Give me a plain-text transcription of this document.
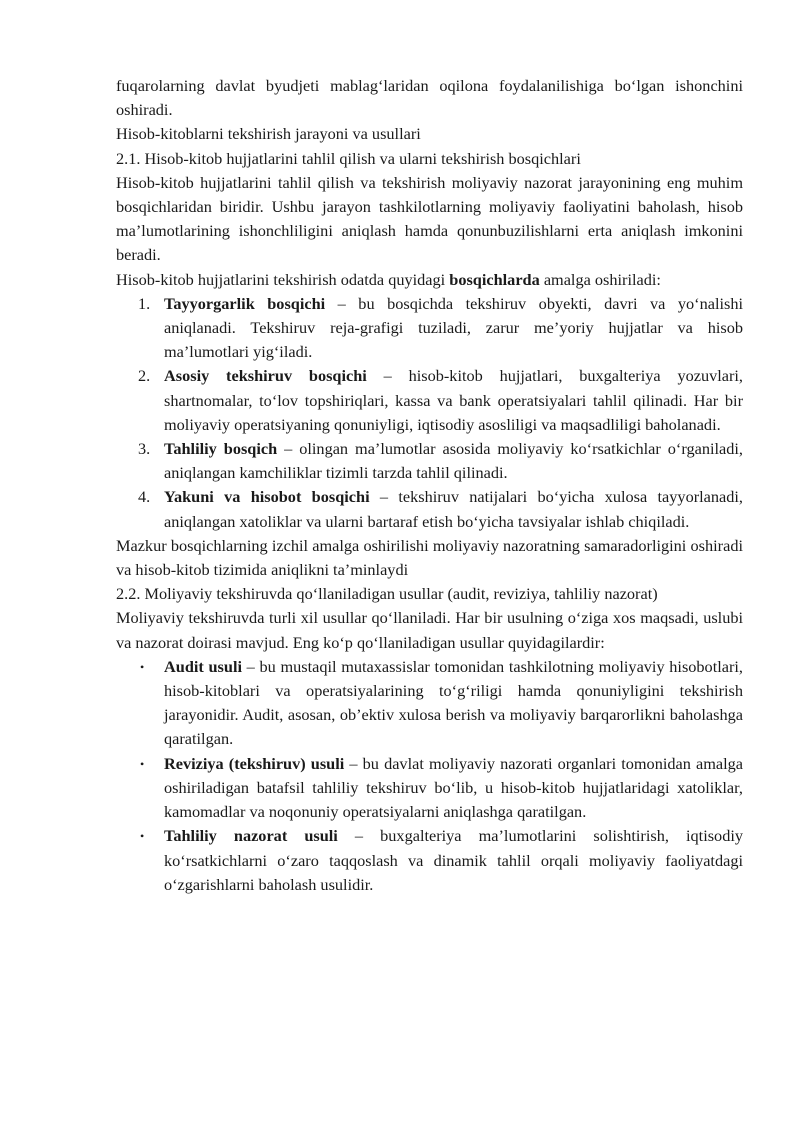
fuqarolarning davlat byudjeti mablag‘laridan oqilona foydalanilishiga bo‘lgan ishonchini oshiradi.

Hisob-kitoblarni tekshirish jarayoni va usullari

2.1. Hisob-kitob hujjatlarini tahlil qilish va ularni tekshirish bosqichlari

Hisob-kitob hujjatlarini tahlil qilish va tekshirish moliyaviy nazorat jarayonining eng muhim bosqichlaridan biridir. Ushbu jarayon tashkilotlarning moliyaviy faoliyatini baholash, hisob ma’lumotlarining ishonchliligini aniqlash hamda qonunbuzilishlarni erta aniqlash imkonini beradi.

Hisob-kitob hujjatlarini tekshirish odatda quyidagi bosqichlarda amalga oshiriladi:

1. Tayyorgarlik bosqichi – bu bosqichda tekshiruv obyekti, davri va yo‘nalishi aniqlanadi. Tekshiruv reja-grafigi tuziladi, zarur me’yoriy hujjatlar va hisob ma’lumotlari yig‘iladi.
2. Asosiy tekshiruv bosqichi – hisob-kitob hujjatlari, buxgalteriya yozuvlari, shartnomalar, to‘lov topshiriqlari, kassa va bank operatsiyalari tahlil qilinadi. Har bir moliyaviy operatsiyaning qonuniyligi, iqtisodiy asosliligi va maqsadliligi baholanadi.
3. Tahliliy bosqich – olingan ma’lumotlar asosida moliyaviy ko‘rsatkichlar o‘rganiladi, aniqlangan kamchiliklar tizimli tarzda tahlil qilinadi.
4. Yakuni va hisobot bosqichi – tekshiruv natijalari bo‘yicha xulosa tayyorlanadi, aniqlangan xatoliklar va ularni bartaraf etish bo‘yicha tavsiyalar ishlab chiqiladi.

Mazkur bosqichlarning izchil amalga oshirilishi moliyaviy nazoratning samaradorligini oshiradi va hisob-kitob tizimida aniqlikni ta’minlaydi

2.2. Moliyaviy tekshiruvda qo‘llaniladigan usullar (audit, reviziya, tahliliy nazorat)

Moliyaviy tekshiruvda turli xil usullar qo‘llaniladi. Har bir usulning o‘ziga xos maqsadi, uslubi va nazorat doirasi mavjud. Eng ko‘p qo‘llaniladigan usullar quyidagilardir:

• Audit usuli – bu mustaqil mutaxassislar tomonidan tashkilotning moliyaviy hisobotlari, hisob-kitoblari va operatsiyalarining to‘g‘riligi hamda qonuniyligini tekshirish jarayonidir. Audit, asosan, ob’ektiv xulosa berish va moliyaviy barqarorlikni baholashga qaratilgan.
• Reviziya (tekshiruv) usuli – bu davlat moliyaviy nazorati organlari tomonidan amalga oshiriladigan batafsil tahliliy tekshiruv bo‘lib, u hisob-kitob hujjatlaridagi xatoliklar, kamomadlar va noqonuniy operatsiyalarni aniqlashga qaratilgan.
• Tahliliy nazorat usuli – buxgalteriya ma’lumotlarini solishtirish, iqtisodiy ko‘rsatkichlarni o‘zaro taqqoslash va dinamik tahlil orqali moliyaviy faoliyatdagi o‘zgarishlarni baholash usulidir.
